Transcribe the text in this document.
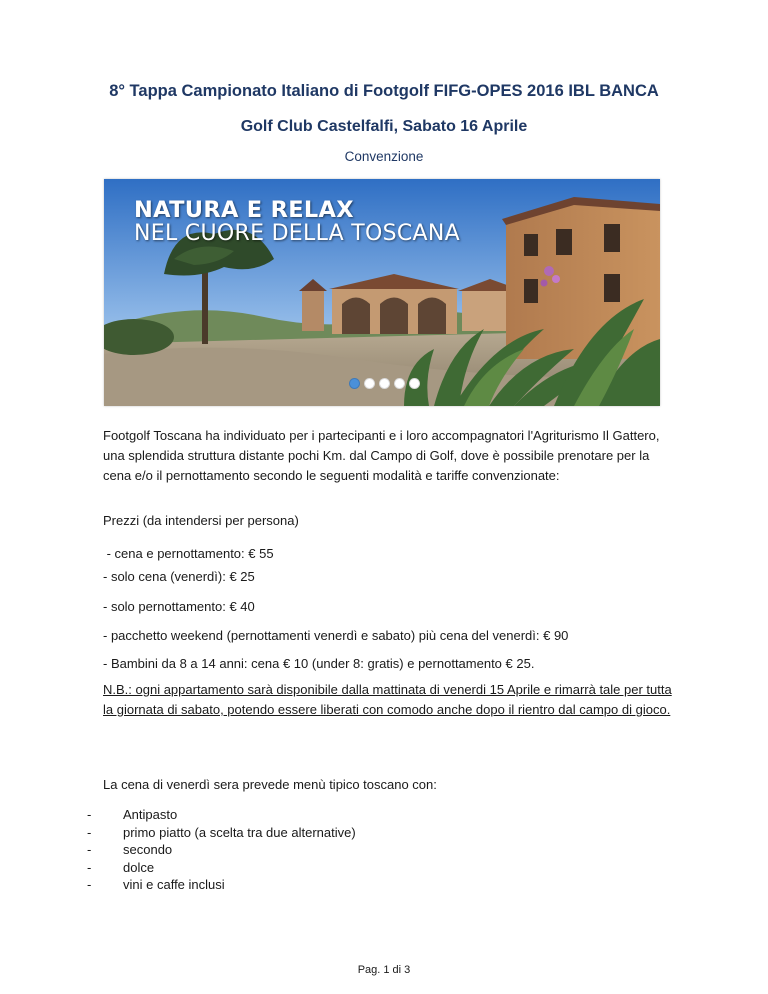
8° Tappa Campionato Italiano di Footgolf FIFG-OPES 2016 IBL BANCA
Golf Club Castelfalfi, Sabato 16 Aprile
Convenzione
NATURA E RELAX
NEL CUORE DELLA TOSCANA

Footgolf Toscana ha individuato per i partecipanti e i loro accompagnatori l'Agriturismo Il Gattero, una splendida struttura distante pochi Km. dal Campo di Golf, dove è possibile prenotare per la cena e/o il pernottamento secondo le seguenti modalità e tariffe convenzionate:

Prezzi (da intendersi per persona)

- cena e pernottamento: € 55

- solo cena (venerdì): € 25

- solo pernottamento: € 40

- pacchetto weekend (pernottamenti venerdì e sabato) più cena del venerdì: € 90

- Bambini da 8 a 14 anni: cena € 10 (under 8: gratis) e pernottamento € 25.

N.B.: ogni appartamento sarà disponibile dalla mattinata di venerdi 15 Aprile e rimarrà tale per tutta la giornata di sabato, potendo essere liberati con comodo anche dopo il rientro dal campo di gioco.

La cena di venerdì sera prevede menù tipico toscano con:

-	Antipasto
-	primo piatto (a scelta tra due alternative)
-	secondo
-	dolce
-	vini e caffe inclusi
Pag. 1 di 3
